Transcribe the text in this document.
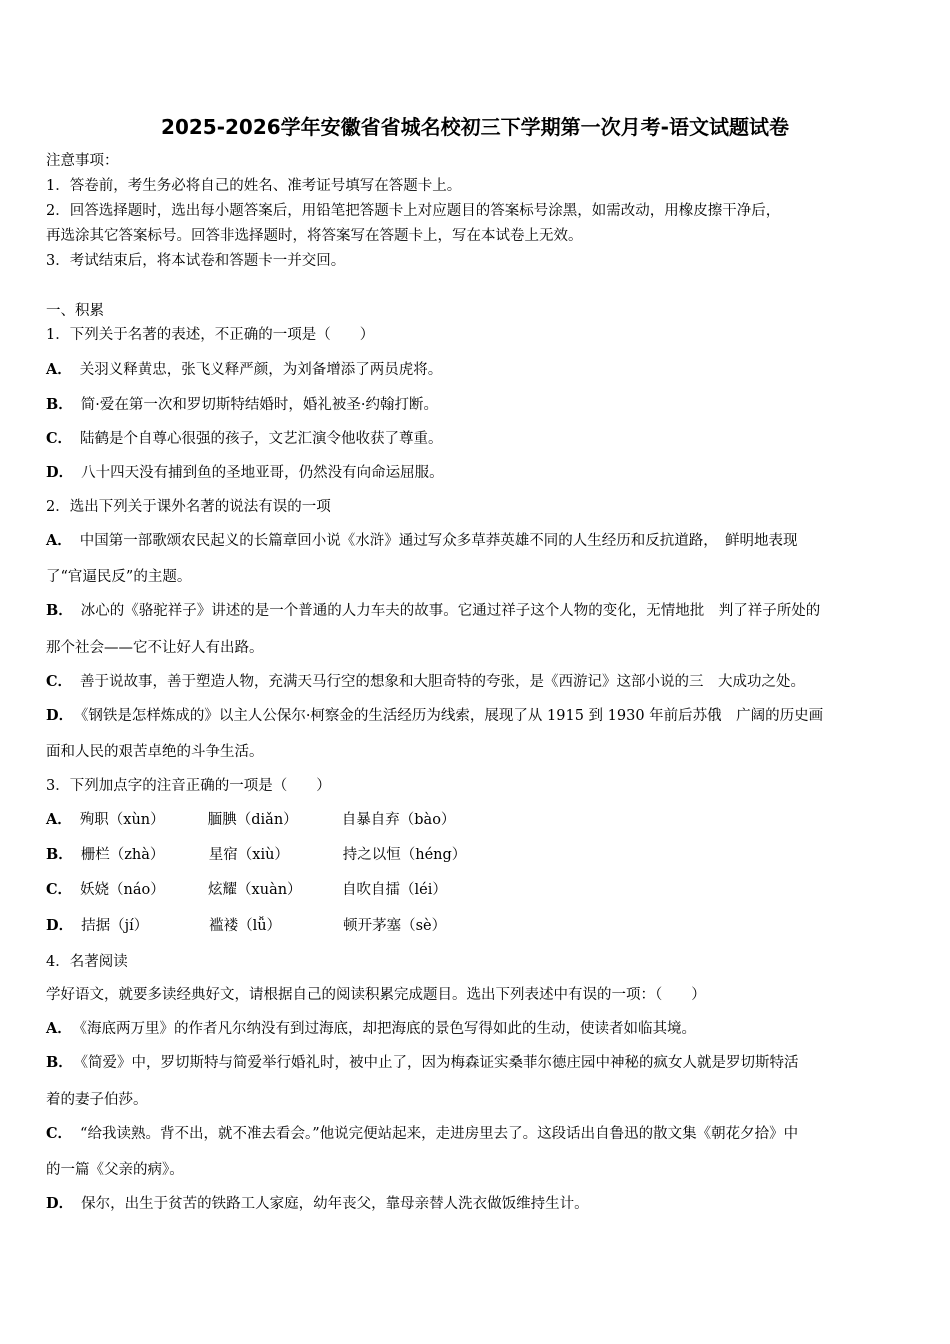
2025-2026学年安徽省省城名校初三下学期第一次月考-语文试题试卷
注意事项：
1．答卷前，考生务必将自己的姓名、准考证号填写在答题卡上。
2．回答选择题时，选出每小题答案后，用铅笔把答题卡上对应题目的答案标号涂黑，如需改动，用橡皮擦干净后，
再选涂其它答案标号。回答非选择题时，将答案写在答题卡上，写在本试卷上无效。
3．考试结束后，将本试卷和答题卡一并交回。
一、积累
1．下列关于名著的表述，不正确的一项是（　　）
A． 关羽义释黄忠，张飞义释严颜，为刘备增添了两员虎将。
B． 简·爱在第一次和罗切斯特结婚时，婚礼被圣·约翰打断。
C． 陆鹤是个自尊心很强的孩子，文艺汇演令他收获了尊重。
D． 八十四天没有捕到鱼的圣地亚哥，仍然没有向命运屈服。
2．选出下列关于课外名著的说法有误的一项
A． 中国第一部歌颂农民起义的长篇章回小说《水浒》通过写众多草莽英雄不同的人生经历和反抗道路，　鲜明地表现
了“官逼民反”的主题。
B． 冰心的《骆驼祥子》讲述的是一个普通的人力车夫的故事。它通过祥子这个人物的变化，无情地批　判了祥子所处的
那个社会——它不让好人有出路。
C． 善于说故事，善于塑造人物，充满天马行空的想象和大胆奇特的夸张，是《西游记》这部小说的三　大成功之处。
D． 《钢铁是怎样炼成的》以主人公保尔·柯察金的生活经历为线索，展现了从 1915 到 1930 年前后苏俄　广阔的历史画
面和人民的艰苦卓绝的斗争生活。
3．下列加点字的注音正确的一项是（　　）
A． 殉职（xùn）	腼腆（diǎn）	自暴自弃（bào）
B． 栅栏（zhà）	星宿（xiù）	持之以恒（héng）
C． 妖娆（náo）	炫耀（xuàn）	自吹自擂（léi）
D． 拮据（jí）	褴褛（lǚ）	顿开茅塞（sè）
4．名著阅读
学好语文，就要多读经典好文，请根据自己的阅读积累完成题目。选出下列表述中有误的一项：（　　）
A． 《海底两万里》的作者凡尔纳没有到过海底，却把海底的景色写得如此的生动，使读者如临其境。
B． 《简爱》中，罗切斯特与简爱举行婚礼时，被中止了，因为梅森证实桑菲尔德庄园中神秘的疯女人就是罗切斯特活
着的妻子伯莎。
C． “给我读熟。背不出，就不准去看会。”他说完便站起来，走进房里去了。这段话出自鲁迅的散文集《朝花夕拾》中
的一篇《父亲的病》。
D． 保尔，出生于贫苦的铁路工人家庭，幼年丧父，靠母亲替人洗衣做饭维持生计。
